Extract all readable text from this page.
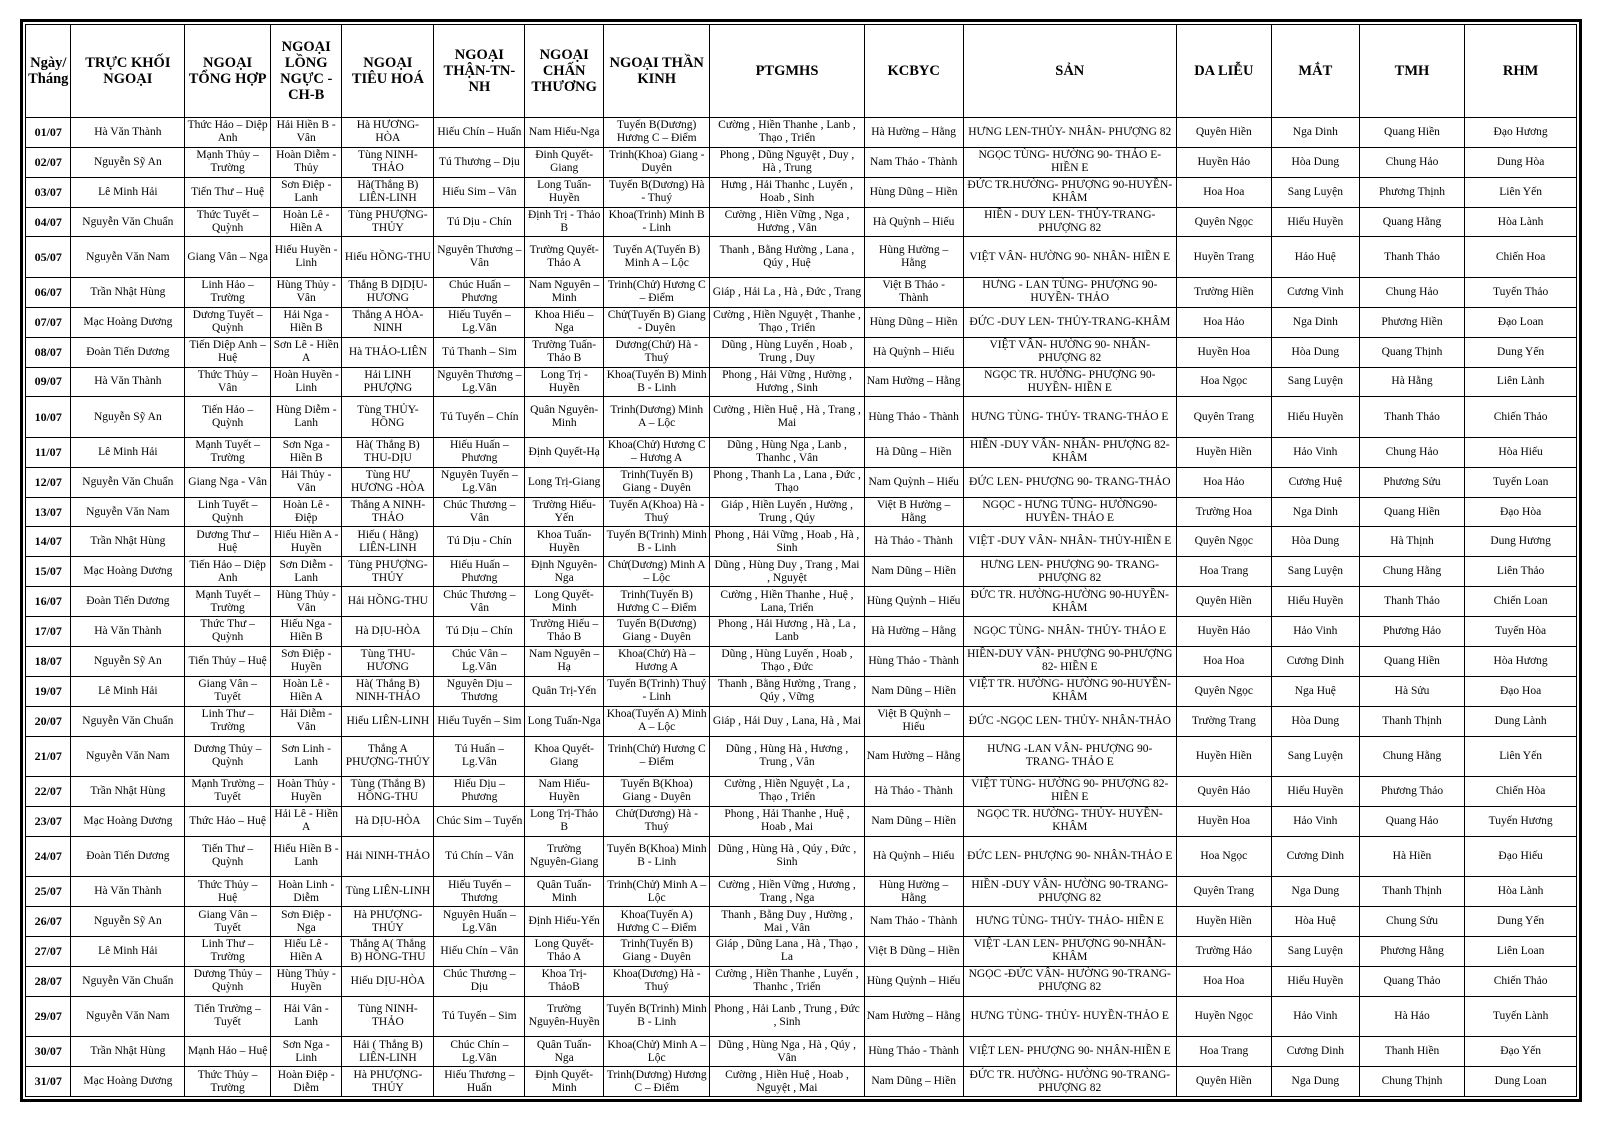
Ngày/ Tháng	TRỰC KHỐI NGOẠI	NGOẠI TỔNG HỢP	NGOẠI LỒNG NGỰC -CH-B	NGOẠI TIÊU HOÁ	NGOẠI THẬN-TN-NH	NGOẠI CHẤN THƯƠNG	NGOẠI THẦN KINH	PTGMHS	KCBYC	SẢN	DA LIỄU	MẮT	TMH	RHM
01/07	Hà Văn Thành	Thức Hảo – Diệp Anh	Hải Hiền B - Vân	Hà HƯƠNG-HÒA	Hiếu Chín – Huấn	Nam Hiếu-Nga	Tuyến B(Dương) Hương C – Điểm	Cường , Hiền Thanhe , Lanb , Thạo , Triển	Hà Hường – Hằng	HƯNG LEN-THỦY- NHÂN- PHƯỢNG 82	Quyên Hiền	Nga Dinh	Quang Hiền	Đạo Hương
02/07	Nguyễn Sỹ An	Mạnh Thủy – Trường	Hoàn Diễm - Thủy	Tùng NINH-THẢO	Tú Thương – Dịu	Đinh Quyết-Giang	Trinh(Khoa) Giang - Duyên	Phong , Dũng Nguyệt , Duy , Hà , Trung	Nam Thảo - Thành	NGỌC TÙNG- HƯỜNG 90- THẢO E-HIỀN E	Huyền Hảo	Hòa Dung	Chung Hảo	Dung Hòa
03/07	Lê Minh Hải	Tiến Thư – Huệ	Sơn Điệp - Lanh	Hà(Thắng B) LIÊN-LINH	Hiếu Sim – Vân	Long Tuấn-Huyền	Tuyến B(Dương) Hà - Thuý	Hưng , Hải Thanhc , Luyến , Hoab , Sinh	Hùng Dũng – Hiền	ĐỨC TR.HƯỜNG- PHƯỢNG 90-HUYỀN- KHÂM	Hoa Hoa	Sang Luyện	Phương Thịnh	Liên Yến
04/07	Nguyễn Văn Chuẩn	Thức Tuyết – Quỳnh	Hoàn Lê - Hiền A	Tùng PHƯỢNG-THỦY	Tú Dịu - Chín	Định Trị - Thảo B	Khoa(Trinh) Minh B - Linh	Cường , Hiền Vững , Nga , Hương , Vân	Hà Quỳnh – Hiếu	HIỀN - DUY LEN- THỦY-TRANG-PHƯỢNG 82	Quyên Ngọc	Hiếu Huyền	Quang Hằng	Hòa Lành
05/07	Nguyễn Văn Nam	Giang Vân – Nga	Hiếu Huyền - Linh	Hiếu HỒNG-THU	Nguyên Thương – Vân	Trường Quyết- Thảo A	Tuyến A(Tuyến B) Minh A – Lộc	Thanh , Bằng Hường , Lana , Qúy , Huệ	Hùng Hường – Hằng	VIỆT VÂN- HƯỜNG 90- NHÂN- HIỀN E	Huyền Trang	Hảo Huệ	Thanh Thảo	Chiến Hoa
06/07	Trần Nhật Hùng	Linh Hảo – Trường	Hùng Thủy - Vân	Thắng B DỊDỊU-HƯƠNG	Chúc Huấn – Phương	Nam Nguyên – Minh	Trinh(Chử) Hương C – Điểm	Giáp , Hải La , Hà , Đức , Trang	Việt B Thảo - Thành	HƯNG - LAN TÙNG- PHƯỢNG 90-HUYỀN- THẢO	Trường Hiền	Cương Vinh	Chung Hảo	Tuyến Thảo
07/07	Mạc Hoàng Dương	Dương Tuyết – Quỳnh	Hải Nga - Hiền B	Thắng A HÒA-NINH	Hiếu Tuyến – Lg.Vân	Khoa Hiếu – Nga	Chử(Tuyến B) Giang - Duyên	Cường , Hiền Nguyệt , Thanhe , Thạo , Triển	Hùng Dũng – Hiền	ĐỨC -DUY LEN- THỦY-TRANG-KHÂM	Hoa Hảo	Nga Dinh	Phương Hiền	Đạo Loan
08/07	Đoàn Tiến Dương	Tiến Diệp Anh – Huệ	Sơn Lê - Hiền A	Hà THẢO-LIÊN	Tú Thanh – Sim	Trường Tuấn-Thảo B	Dương(Chử) Hà - Thuý	Dũng , Hùng Luyến , Hoab , Trung , Duy	Hà Quỳnh – Hiếu	VIỆT VÂN- HƯỜNG 90- NHÂN-PHƯỢNG 82	Huyền Hoa	Hòa Dung	Quang Thịnh	Dung Yến
09/07	Hà Văn Thành	Thức Thủy – Vân	Hoàn Huyền - Linh	Hải LINH PHƯỢNG	Nguyên Thương – Lg.Vân	Long Trị - Huyền	Khoa(Tuyến B) Minh B - Linh	Phong , Hải Vững , Hường , Hương , Sinh	Nam Hường – Hằng	NGỌC TR. HƯỜNG- PHƯỢNG 90-HUYỀN- HIỀN E	Hoa Ngọc	Sang Luyện	Hà Hằng	Liên Lành
10/07	Nguyễn Sỹ An	Tiến Hảo – Quỳnh	Hùng Diễm - Lanh	Tùng THỦY-HỒNG	Tú Tuyến – Chín	Quân Nguyên- Minh	Trinh(Dương) Minh A – Lộc	Cường , Hiền Huệ , Hà , Trang , Mai	Hùng Thảo - Thành	HƯNG TÙNG- THỦY- TRANG-THẢO E	Quyên Trang	Hiếu Huyền	Thanh Thảo	Chiến Thảo
11/07	Lê Minh Hải	Mạnh Tuyết – Trường	Sơn Nga - Hiền B	Hà( Thắng B) THU-DỊU	Hiếu Huấn – Phương	Định Quyết-Hạ	Khoa(Chử) Hương C – Hương A	Dũng , Hùng Nga , Lanb , Thanhc , Vân	Hà Dũng – Hiền	HIỀN -DUY VÂN- NHÂN- PHƯỢNG 82- KHÂM	Huyền Hiền	Hảo Vinh	Chung Hảo	Hòa Hiếu
12/07	Nguyễn Văn Chuẩn	Giang Nga - Vân	Hải Thủy - Vân	Tùng HƯ HƯƠNG -HÒA	Nguyên Tuyến – Lg.Vân	Long Trị-Giang	Trinh(Tuyến B) Giang - Duyên	Phong , Thanh La , Lana , Đức , Thạo	Nam Quỳnh – Hiếu	ĐỨC LEN- PHƯỢNG 90- TRANG-THẢO	Hoa Hảo	Cương Huệ	Phương Sửu	Tuyến Loan
13/07	Nguyễn Văn Nam	Linh Tuyết – Quỳnh	Hoàn Lê - Điệp	Thắng A NINH-THẢO	Chúc Thương – Vân	Trường Hiếu-Yến	Tuyến A(Khoa) Hà - Thuý	Giáp , Hiền Luyến , Hường , Trung , Qúy	Việt B Hường – Hằng	NGỌC - HƯNG TÙNG- HƯỜNG90-HUYỀN- THẢO E	Trường Hoa	Nga Dinh	Quang Hiền	Đạo Hòa
14/07	Trần Nhật Hùng	Dương Thư – Huệ	Hiếu Hiền A - Huyền	Hiếu ( Hằng) LIÊN-LINH	Tú Dịu - Chín	Khoa Tuấn-Huyền	Tuyến B(Trinh) Minh B - Linh	Phong , Hải Vững , Hoab , Hà , Sinh	Hà Thảo - Thành	VIỆT -DUY VÂN- NHÂN- THỦY-HIỀN E	Quyên Ngọc	Hòa Dung	Hà Thịnh	Dung Hương
15/07	Mạc Hoàng Dương	Tiến Hảo – Diệp Anh	Sơn Diễm - Lanh	Tùng PHƯỢNG-THỦY	Hiếu Huấn – Phương	Định Nguyên-Nga	Chử(Dương) Minh A – Lộc	Dũng , Hùng Duy , Trang , Mai , Nguyệt	Nam Dũng – Hiền	HƯNG LEN- PHƯỢNG 90- TRANG-PHƯỢNG 82	Hoa Trang	Sang Luyện	Chung Hằng	Liên Thảo
16/07	Đoàn Tiến Dương	Mạnh Tuyết – Trường	Hùng Thủy - Vân	Hải HỒNG-THU	Chúc Thương – Vân	Long Quyết-Minh	Trinh(Tuyến B) Hương C – Điểm	Cường , Hiền Thanhe , Huệ , Lana, Triển	Hùng Quỳnh – Hiếu	ĐỨC TR. HƯỜNG-HƯỜNG 90-HUYỀN- KHÂM	Quyên Hiền	Hiếu Huyền	Thanh Thảo	Chiến Loan
17/07	Hà Văn Thành	Thức Thư – Quỳnh	Hiếu Nga - Hiền B	Hà DỊU-HÒA	Tú Dịu – Chín	Trường Hiếu – Thảo B	Tuyến B(Dương) Giang - Duyên	Phong , Hải Hương , Hà , La , Lanb	Hà Hường – Hằng	NGỌC TÙNG- NHÂN- THỦY- THẢO E	Huyền Hảo	Hảo Vinh	Phương Hảo	Tuyến Hòa
18/07	Nguyễn Sỹ An	Tiến Thủy – Huệ	Sơn Điệp - Huyền	Tùng THU-HƯƠNG	Chúc Vân – Lg.Vân	Nam Nguyên – Hạ	Khoa(Chử) Hà – Hương A	Dũng , Hùng Luyến , Hoab , Thạo , Đức	Hùng Thảo - Thành	HIỀN-DUY VÂN- PHƯỢNG 90-PHƯỢNG 82- HIỀN E	Hoa Hoa	Cương Dinh	Quang Hiền	Hòa Hương
19/07	Lê Minh Hải	Giang Vân – Tuyết	Hoàn Lê - Hiền A	Hà( Thắng B) NINH-THẢO	Nguyên Dịu – Thương	Quân Trị-Yến	Tuyến B(Trinh) Thuý - Linh	Thanh , Bằng Hường , Trang , Qúy , Vững	Nam Dũng – Hiền	VIỆT TR. HƯỜNG- HƯỜNG 90-HUYỀN- KHÂM	Quyên Ngọc	Nga Huệ	Hà Sửu	Đạo Hoa
20/07	Nguyễn Văn Chuẩn	Linh Thư – Trường	Hải Diễm - Vân	Hiếu LIÊN-LINH	Hiếu Tuyến – Sim	Long Tuấn-Nga	Khoa(Tuyến A) Minh A – Lộc	Giáp , Hải Duy , Lana, Hà , Mai	Việt B Quỳnh – Hiếu	ĐỨC -NGỌC LEN- THỦY- NHÂN-THẢO	Trường Trang	Hòa Dung	Thanh Thịnh	Dung Lành
21/07	Nguyễn Văn Nam	Dương Thủy – Quỳnh	Sơn Linh - Lanh	Thắng A PHƯỢNG-THỦY	Tú Huấn – Lg.Vân	Khoa Quyết-Giang	Trinh(Chử) Hương C – Điểm	Dũng , Hùng Hà , Hương , Trung , Vân	Nam Hường – Hằng	HƯNG -LAN VÂN- PHƯỢNG 90-TRANG- THẢO E	Huyền Hiền	Sang Luyện	Chung Hằng	Liên Yến
22/07	Trần Nhật Hùng	Mạnh Trường – Tuyết	Hoàn Thủy - Huyền	Tùng (Thắng B) HỒNG-THU	Hiếu Dịu – Phương	Nam Hiếu-Huyền	Tuyến B(Khoa) Giang - Duyên	Cường , Hiền Nguyệt , La , Thạo , Triển	Hà Thảo - Thành	VIỆT TÙNG- HƯỜNG 90- PHƯỢNG 82- HIỀN E	Quyên Hảo	Hiếu Huyền	Phương Thảo	Chiến Hòa
23/07	Mạc Hoàng Dương	Thức Hảo – Huệ	Hải Lê - Hiền A	Hà DỊU-HÒA	Chúc Sim – Tuyến	Long Trị-Thảo B	Chử(Dương) Hà - Thuý	Phong , Hải Thanhe , Huệ , Hoab , Mai	Nam Dũng – Hiền	NGỌC TR. HƯỜNG- THỦY- HUYỀN-KHÂM	Huyền Hoa	Hảo Vinh	Quang Hảo	Tuyến Hương
24/07	Đoàn Tiến Dương	Tiến Thư – Quỳnh	Hiếu Hiền B - Lanh	Hải NINH-THẢO	Tú Chín – Vân	Trường Nguyên-Giang	Tuyến B(Khoa) Minh B - Linh	Dũng , Hùng Hà , Qúy , Đức , Sinh	Hà Quỳnh – Hiếu	ĐỨC LEN- PHƯỢNG 90- NHÂN-THẢO E	Hoa Ngọc	Cương Dinh	Hà Hiền	Đạo Hiếu
25/07	Hà Văn Thành	Thức Thủy – Huệ	Hoàn Linh - Diễm	Tùng LIÊN-LINH	Hiếu Tuyến – Thương	Quân Tuấn-Minh	Trinh(Chử) Minh A – Lộc	Cường , Hiền Vững , Hương , Trang , Nga	Hùng Hường – Hằng	HIỀN -DUY VÂN- HƯỜNG 90-TRANG- PHƯỢNG 82	Quyên Trang	Nga Dung	Thanh Thịnh	Hòa Lành
26/07	Nguyễn Sỹ An	Giang Vân – Tuyết	Sơn Điệp - Nga	Hà PHƯỢNG-THỦY	Nguyên Huấn – Lg.Vân	Định Hiếu-Yến	Khoa(Tuyến A) Hương C – Điểm	Thanh , Bằng Duy , Hường , Mai , Vân	Nam Thảo - Thành	HƯNG TÙNG- THỦY- THẢO- HIỀN E	Huyền Hiền	Hòa Huệ	Chung Sửu	Dung Yến
27/07	Lê Minh Hải	Linh Thư – Trường	Hiếu Lê - Hiền A	Thắng A( Thắng B) HỒNG-THU	Hiếu Chín – Vân	Long Quyết-Thảo A	Trinh(Tuyến B) Giang - Duyên	Giáp , Dũng Lana , Hà , Thạo , La	Việt B Dũng – Hiền	VIỆT -LAN LEN- PHƯỢNG 90-NHÂN- KHÂM	Trường Hảo	Sang Luyện	Phương Hằng	Liên Loan
28/07	Nguyễn Văn Chuẩn	Dương Thủy – Quỳnh	Hùng Thủy - Huyền	Hiếu DỊU-HÒA	Chúc Thương – Dịu	Khoa Trị-ThảoB	Khoa(Dương) Hà - Thuý	Cường , Hiền Thanhe , Luyến , Thanhc , Triển	Hùng Quỳnh – Hiếu	NGỌC -ĐỨC VÂN- HƯỜNG 90-TRANG- PHƯỢNG 82	Hoa Hoa	Hiếu Huyền	Quang Thảo	Chiến Thảo
29/07	Nguyễn Văn Nam	Tiến Trường – Tuyết	Hải Vân - Lanh	Tùng NINH-THẢO	Tú Tuyến – Sim	Trường Nguyên-Huyền	Tuyến B(Trinh) Minh B - Linh	Phong , Hải Lanb , Trung , Đức , Sinh	Nam Hường – Hằng	HƯNG TÙNG- THỦY- HUYỀN-THẢO E	Huyền Ngọc	Hảo Vinh	Hà Hảo	Tuyến Lành
30/07	Trần Nhật Hùng	Mạnh Hảo – Huệ	Sơn Nga - Linh	Hải ( Thắng B) LIÊN-LINH	Chúc Chín – Lg.Vân	Quân Tuấn-Nga	Khoa(Chử) Minh A – Lộc	Dũng , Hùng Nga , Hà , Qúy , Vân	Hùng Thảo - Thành	VIỆT LEN- PHƯỢNG 90- NHÂN-HIỀN E	Hoa Trang	Cương Dinh	Thanh Hiền	Đạo Yến
31/07	Mạc Hoàng Dương	Thức Thủy – Trường	Hoàn Điệp - Diễm	Hà PHƯỢNG-THỦY	Hiếu Thương – Huấn	Định Quyết-Minh	Trinh(Dương) Hương C – Điểm	Cường , Hiền Huệ , Hoab , Nguyệt , Mai	Nam Dũng – Hiền	ĐỨC TR. HƯỜNG- HƯỜNG 90-TRANG- PHƯỢNG 82	Quyên Hiền	Nga Dung	Chung Thịnh	Dung Loan
